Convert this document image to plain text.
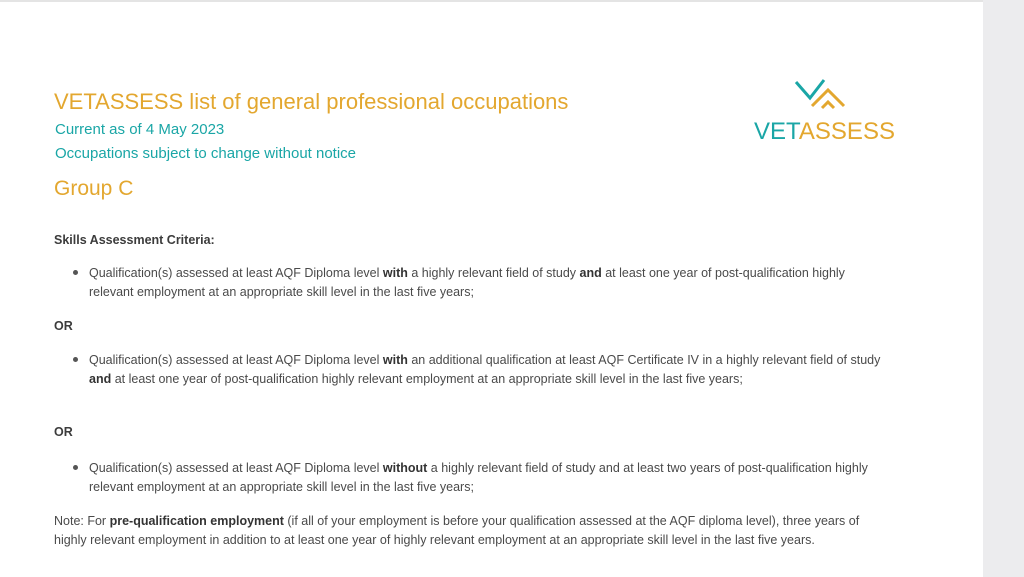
VETASSESS list of general professional occupations
Current as of 4 May 2023
Occupations subject to change without notice
Group C
VETASSESS
Skills Assessment Criteria:
Qualification(s) assessed at least AQF Diploma level with a highly relevant field of study and at least one year of post-qualification highly relevant employment at an appropriate skill level in the last five years;
OR
Qualification(s) assessed at least AQF Diploma level with an additional qualification at least AQF Certificate IV in a highly relevant field of study and at least one year of post-qualification highly relevant employment at an appropriate skill level in the last five years;
OR
Qualification(s) assessed at least AQF Diploma level without a highly relevant field of study and at least two years of post-qualification highly relevant employment at an appropriate skill level in the last five years;
Note: For pre-qualification employment (if all of your employment is before your qualification assessed at the AQF diploma level), three years of highly relevant employment in addition to at least one year of highly relevant employment at an appropriate skill level in the last five years.
